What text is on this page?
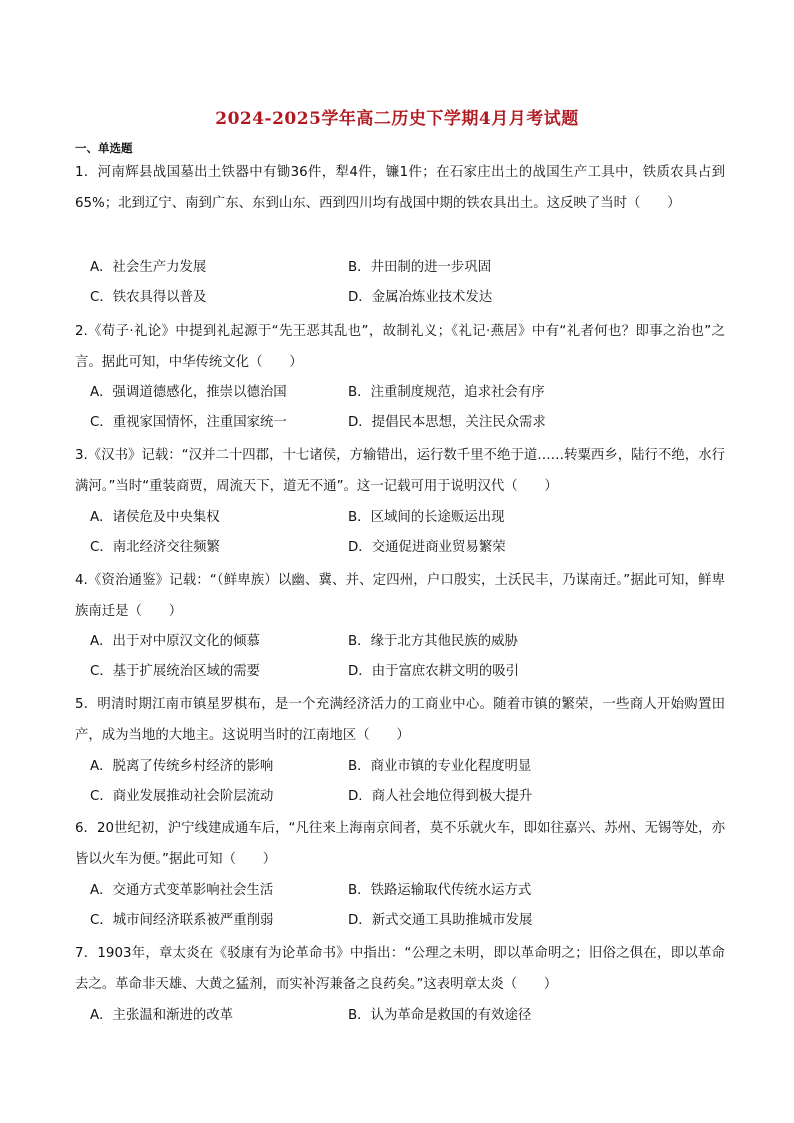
2024-2025学年高二历史下学期4月月考试题
一、单选题
1．河南辉县战国墓出土铁器中有锄36件，犁4件，镰1件；在石家庄出土的战国生产工具中，铁质农具占到65%；北到辽宁、南到广东、东到山东、西到四川均有战国中期的铁农具出土。这反映了当时（　　）
A．社会生产力发展	B．井田制的进一步巩固
C．铁农具得以普及	D．金属冶炼业技术发达
2.《荀子·礼论》中提到礼起源于“先王恶其乱也”，故制礼义；《礼记·燕居》中有“礼者何也？即事之治也”之言。据此可知，中华传统文化（　　）
A．强调道德感化，推崇以德治国	B．注重制度规范，追求社会有序
C．重视家国情怀，注重国家统一	D．提倡民本思想，关注民众需求
3.《汉书》记载：“汉并二十四郡，十七诸侯，方输错出，运行数千里不绝于道……转粟西乡，陆行不绝，水行满河。”当时“重装商贾，周流天下，道无不通”。这一记载可用于说明汉代（　　）
A．诸侯危及中央集权	B．区域间的长途贩运出现
C．南北经济交往频繁	D．交通促进商业贸易繁荣
4.《资治通鉴》记载：“（鲜卑族）以幽、冀、并、定四州，户口殷实，土沃民丰，乃谋南迁。”据此可知，鲜卑族南迁是（　　）
A．出于对中原汉文化的倾慕	B．缘于北方其他民族的威胁
C．基于扩展统治区域的需要	D．由于富庶农耕文明的吸引
5．明清时期江南市镇星罗棋布，是一个充满经济活力的工商业中心。随着市镇的繁荣，一些商人开始购置田产，成为当地的大地主。这说明当时的江南地区（　　）
A．脱离了传统乡村经济的影响	B．商业市镇的专业化程度明显
C．商业发展推动社会阶层流动	D．商人社会地位得到极大提升
6．20世纪初，沪宁线建成通车后，“凡往来上海南京间者，莫不乐就火车，即如往嘉兴、苏州、无锡等处，亦皆以火车为便。”据此可知（　　）
A．交通方式变革影响社会生活	B．铁路运输取代传统水运方式
C．城市间经济联系被严重削弱	D．新式交通工具助推城市发展
7．1903年，章太炎在《驳康有为论革命书》中指出：“公理之未明，即以革命明之；旧俗之俱在，即以革命去之。革命非天雄、大黄之猛剂，而实补泻兼备之良药矣。”这表明章太炎（　　）
A．主张温和渐进的改革	B．认为革命是救国的有效途径
